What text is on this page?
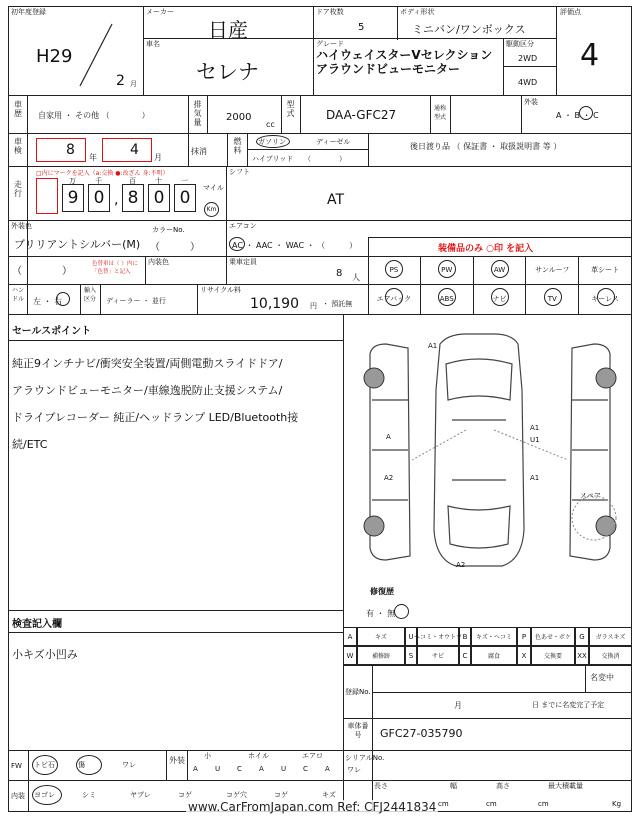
初年度登録
H29
2 月
メーカー
日産
車名
セレナ
ドア枚数
5
ボディ形状
ミニバン/ワンボックス
グレード
ハイウェイスターVセレクション アラウンドビューモニター
駆動区分
2WD
4WD
評価点
4
車歴	自家用 ・ その他 （　　　　）
排気量	2000
cc
型式	DAA-GFC27	通称型式
外装
A ・ B ・ C
車検	8 年 4 月
抹消
燃料
ガソリン	ディーゼル
ハイブリッド （　　　　）
後日渡り品 （ 保証書 ・ 取扱説明書 等 ）
走行
□内にマークを記入（a:交換 ●:改ざん 身:不明）
万
9
千
0 ,
百
8
十
0
一
0	マイル
Km
シフト
AT
外装色
ブリリアントシルバー(M)
カラーNo.
（　　　）
エアコン
AC ・ AAC ・ WAC ・ （　　　）	装備品のみ ○印 を記入
（　　　　）
色替車は（ ）内に「色替」と記入
内装色	乗車定員
8 人
PS	PW	AW	サンルーフ	革シート
エアバック	ABS	ナビ	TV	キーレス
ハンドル 左 ・ 右
輸入区分 ディーラー ・ 並行
リサイクル料
10,190 円 ・ 預託無
セールスポイント
純正9インチナビ/衝突安全装置/両側電動スライドドア/
アラウンドビューモニター/車線逸脱防止支援システム/
ドライブレコーダー 純正/ヘッドランプ LED/Bluetooth接
続/ETC
A1
A
A1
U1
A2	A1
A2
スペア
修復歴
有 ・ 無
検査記入欄
小キズ小凹み
A	キズ	U ヘコミ・オウトツ B	キズ・ヘコミ	P	色あせ・ボケ	G	ガラスキズ
W	補修跡	S	サビ	C	腐食	X	交換要	XX	交換済
登録No.
名変中
月	日 までに名変完了予定
車体番号	GFC27-035790
FW トビ石	傷	ワレ	外装	小	ホイル	エアロ
A U C A U C A ワレ
シリアルNo.
内装 ヨゴレ	シミ	ヤブレ	コゲ	コゲ穴	コゲ	キズ
長さ	幅	高さ	最大積載量
cm	cm	cm	Kg
www.CarFromJapan.com Ref: CFJ2441834
